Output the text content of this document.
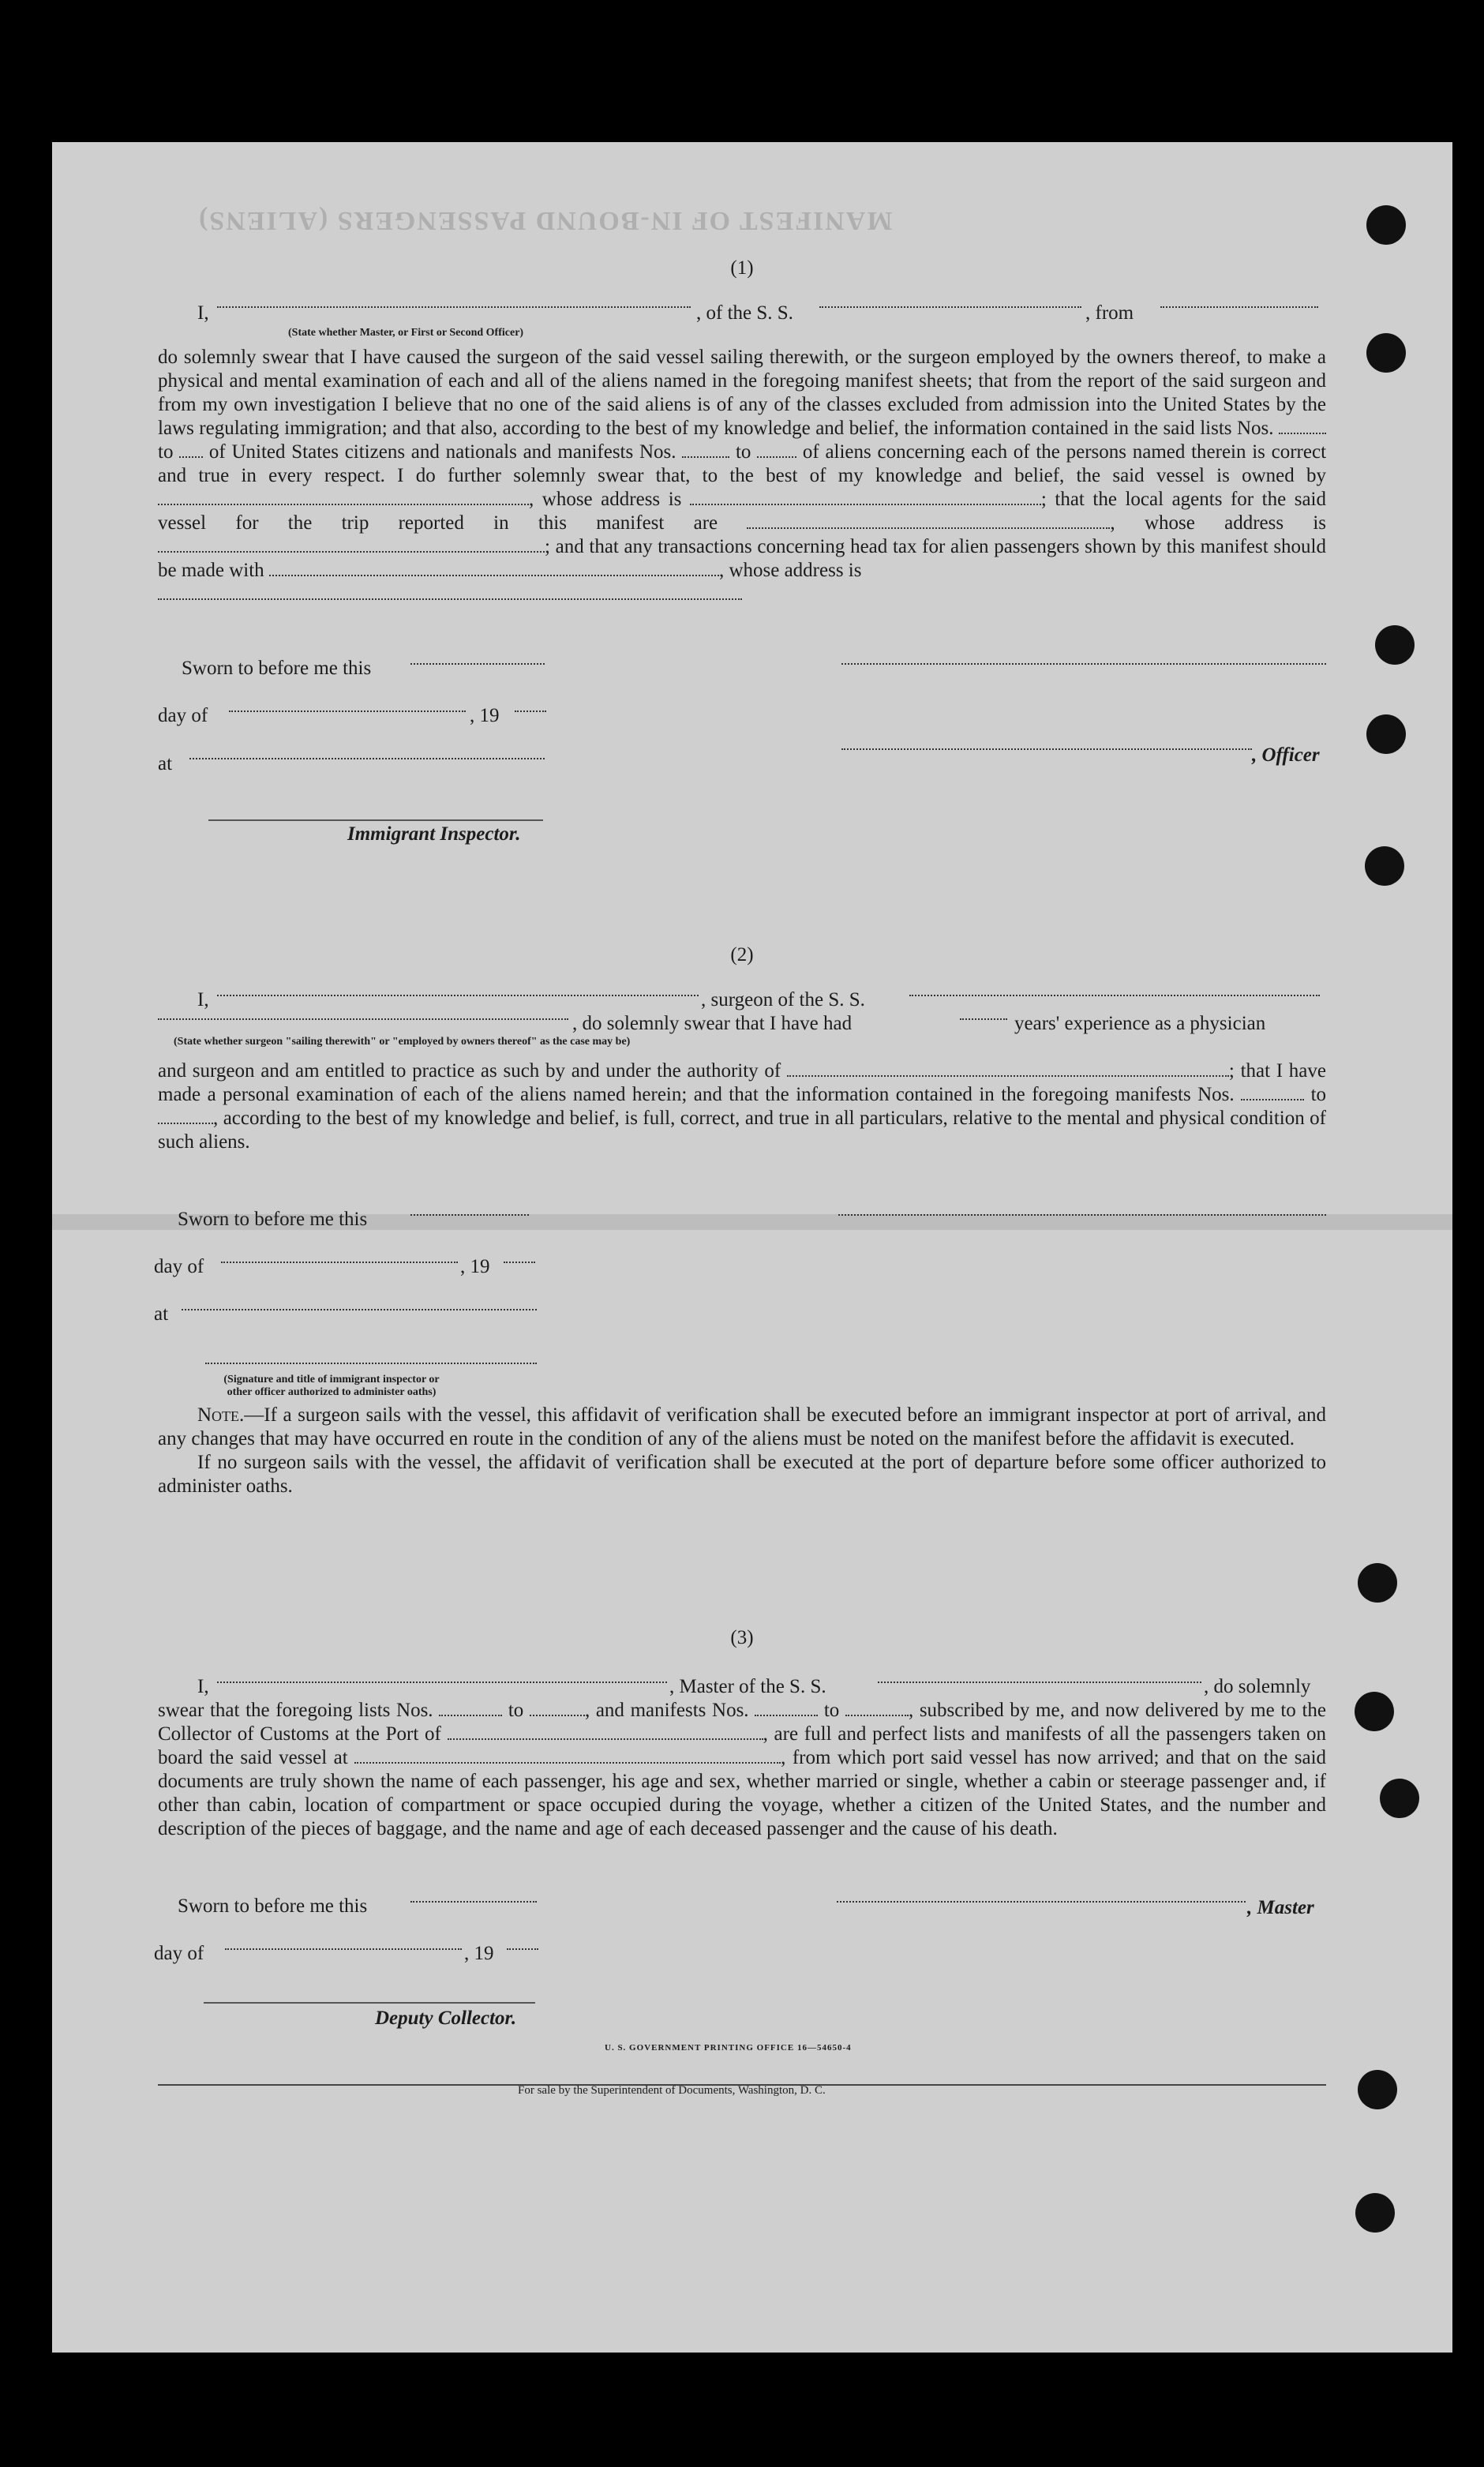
MANIFEST OF IN-BOUND PASSENGERS (ALIENS)
(1)
I,	, of the S. S.	, from
(State whether Master, or First or Second Officer)

do solemnly swear that I have caused the surgeon of the said vessel sailing therewith, or the surgeon employed by the owners thereof, to make a physical and mental examination of each and all of the aliens named in the foregoing manifest sheets; that from the report of the said surgeon and from my own investigation I believe that no one of the said aliens is of any of the classes excluded from admission into the United States by the laws regulating immigration; and that also, according to the best of my knowledge and belief, the information contained in the said lists Nos.  to of United States citizens and nationals and manifests Nos.	to	of aliens concerning each of the persons named therein is correct and true in every respect. I do further solemnly swear that, to the best of my knowledge and belief, the said vessel is owned by , whose address is	; that the local agents for the said vessel for the trip reported in this manifest are	, whose address is ; and that any transactions concerning head tax for alien passengers shown by this manifest should be made with	, whose address is

Sworn to before me this
day of	, 19
, Officer
at
Immigrant Inspector.
(2)
I,	, surgeon of the S. S.
, do solemnly swear that I have had	years' experience as a physician
(State whether surgeon "sailing therewith" or "employed by owners thereof" as the case may be)

and surgeon and am entitled to practice as such by and under the authority of	; that I have made a personal examination of each of the aliens named herein; and that the information contained in the foregoing manifests Nos.	to , according to the best of my knowledge and belief, is full, correct, and true in all particulars, relative to the mental and physical condition of such aliens.

Sworn to before me this
day of	, 19
at
(Signature and title of immigrant inspector or other officer authorized to administer oaths)

Note.—If a surgeon sails with the vessel, this affidavit of verification shall be executed before an immigrant inspector at port of arrival, and any changes that may have occurred en route in the condition of any of the aliens must be noted on the manifest before the affidavit is executed.

If no surgeon sails with the vessel, the affidavit of verification shall be executed at the port of departure before some officer authorized to administer oaths.

(3)
I,	, Master of the S. S.	, do solemnly

swear that the foregoing lists Nos.	to	, and manifests Nos.	to	, subscribed by me, and now delivered by me to the Collector of Customs at the Port of	, are full and perfect lists and manifests of all the passengers taken on board the said vessel at	, from which port said vessel has now arrived; and that on the said documents are truly shown the name of each passenger, his age and sex, whether married or single, whether a cabin or steerage passenger and, if other than cabin, location of compartment or space occupied during the voyage, whether a citizen of the United States, and the number and description of the pieces of baggage, and the name and age of each deceased passenger and the cause of his death.

Sworn to before me this	, Master
day of	, 19
Deputy Collector.
U. S. GOVERNMENT PRINTING OFFICE 16—54650-4
For sale by the Superintendent of Documents, Washington, D. C.
